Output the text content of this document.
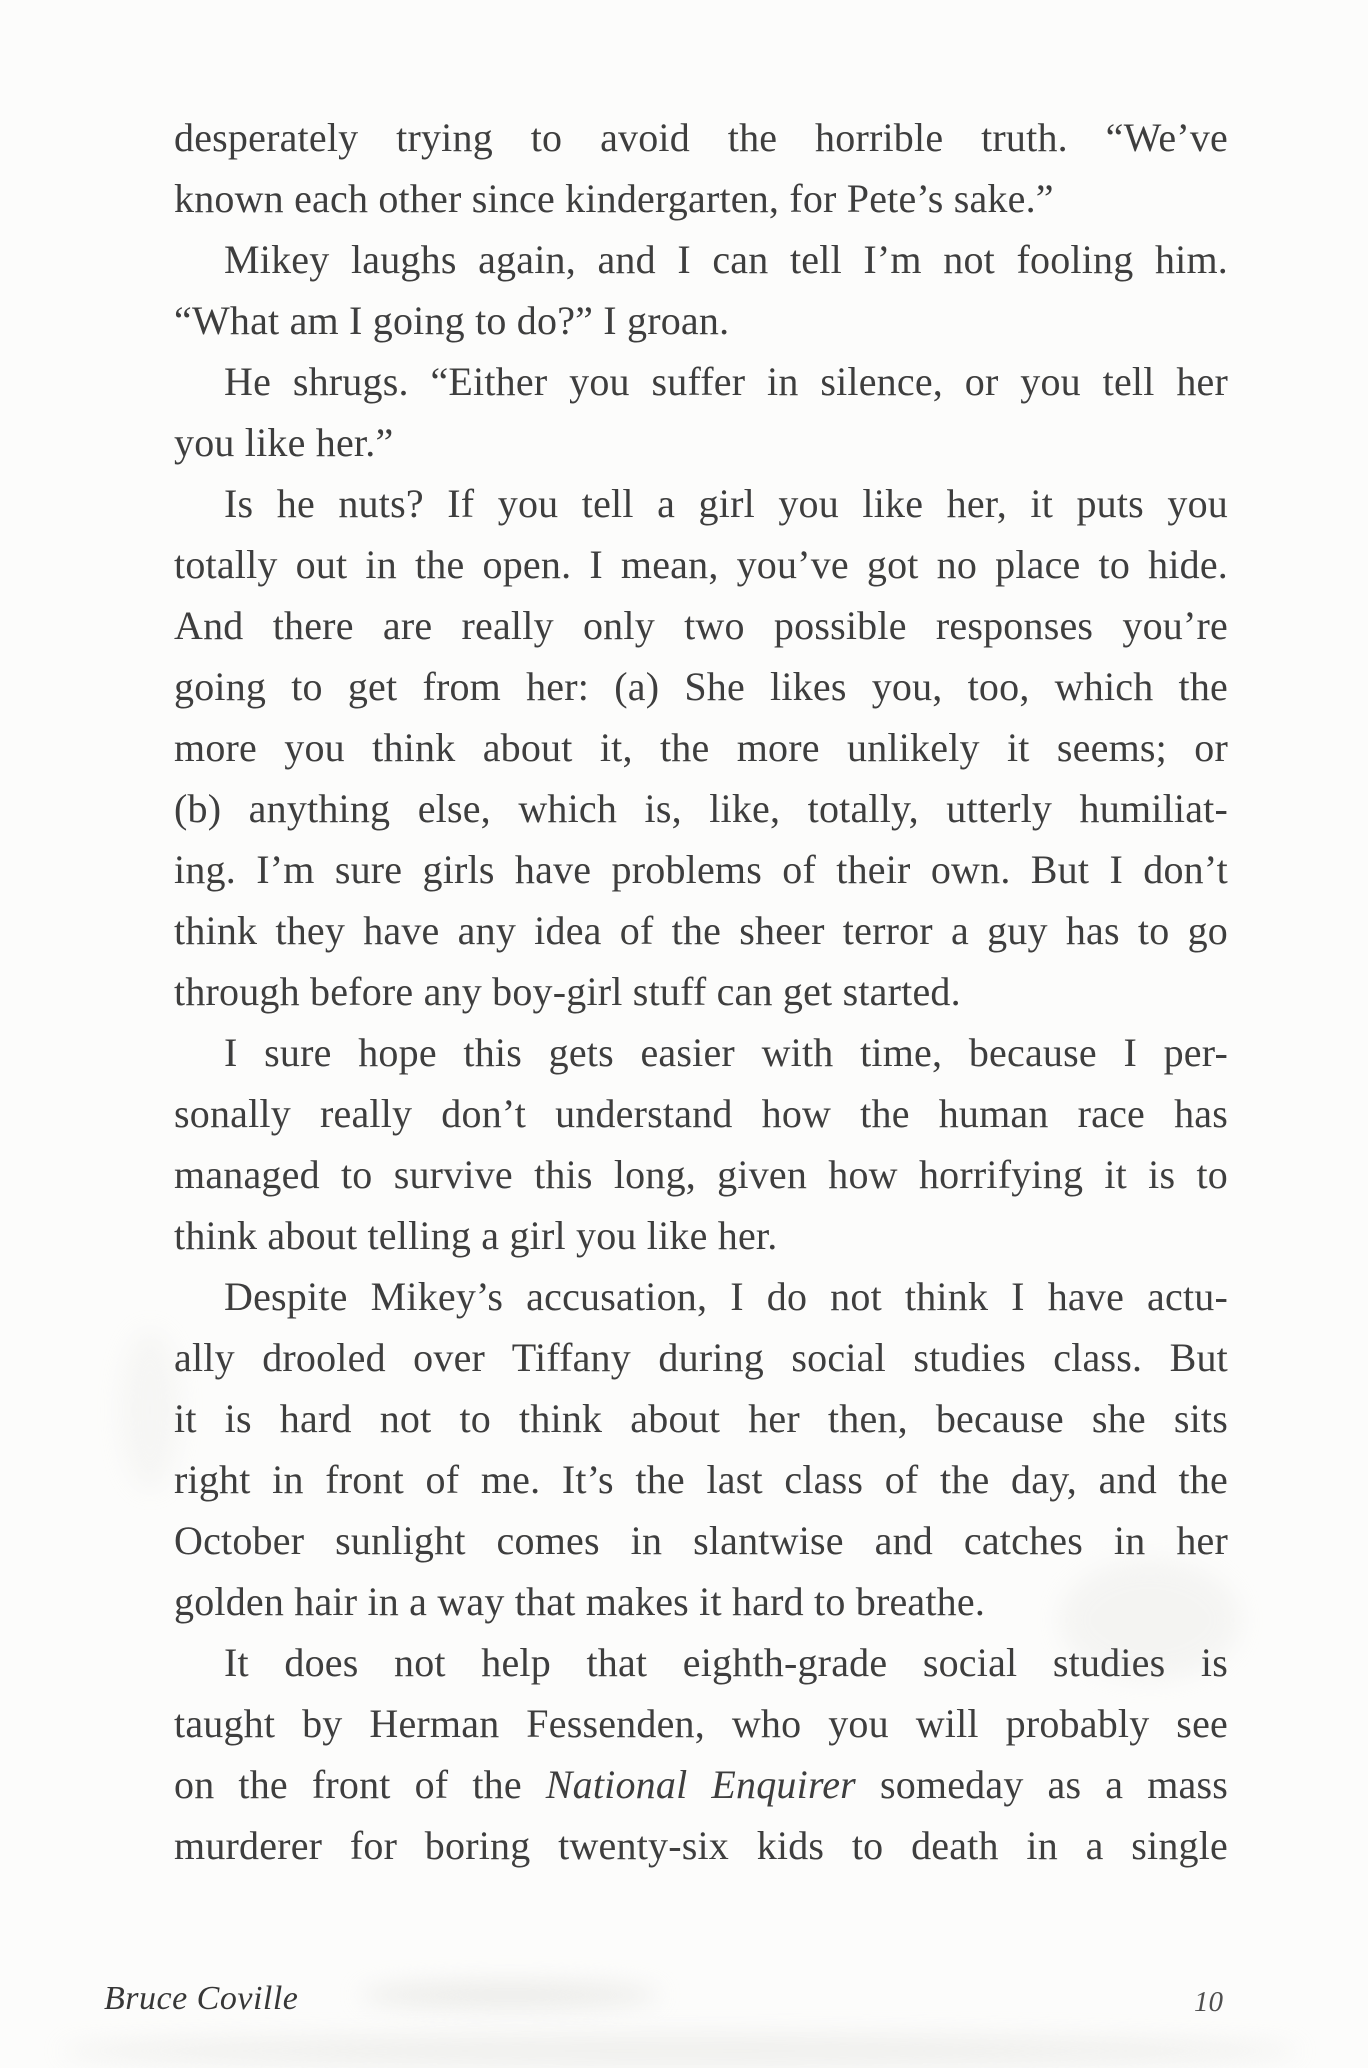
desperately trying to avoid the horrible truth. “We’ve
known each other since kindergarten, for Pete’s sake.”
Mikey laughs again, and I can tell I’m not fooling him.
“What am I going to do?” I groan.
He shrugs. “Either you suffer in silence, or you tell her
you like her.”
Is he nuts? If you tell a girl you like her, it puts you
totally out in the open. I mean, you’ve got no place to hide.
And there are really only two possible responses you’re
going to get from her: (a) She likes you, too, which the
more you think about it, the more unlikely it seems; or
(b) anything else, which is, like, totally, utterly humiliat-
ing. I’m sure girls have problems of their own. But I don’t
think they have any idea of the sheer terror a guy has to go
through before any boy-girl stuff can get started.
I sure hope this gets easier with time, because I per-
sonally really don’t understand how the human race has
managed to survive this long, given how horrifying it is to
think about telling a girl you like her.
Despite Mikey’s accusation, I do not think I have actu-
ally drooled over Tiffany during social studies class. But
it is hard not to think about her then, because she sits
right in front of me. It’s the last class of the day, and the
October sunlight comes in slantwise and catches in her
golden hair in a way that makes it hard to breathe.
It does not help that eighth-grade social studies is
taught by Herman Fessenden, who you will probably see
on the front of the National Enquirer someday as a mass
murderer for boring twenty-six kids to death in a single
Bruce Coville	10
